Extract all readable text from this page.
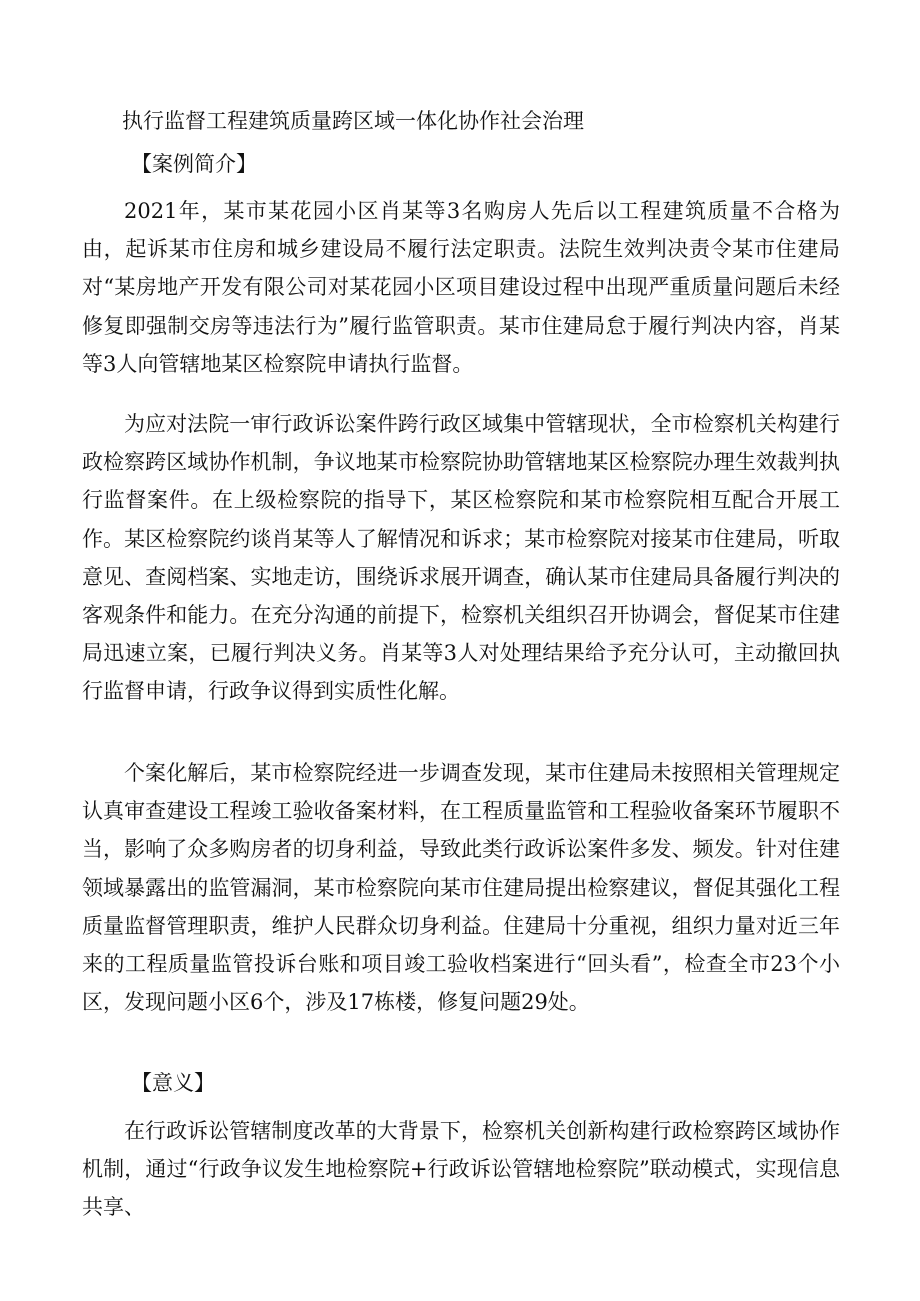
执行监督工程建筑质量跨区域一体化协作社会治理
【案例简介】

2021年，某市某花园小区肖某等3名购房人先后以工程建筑质量不合格为由，起诉某市住房和城乡建设局不履行法定职责。法院生效判决责令某市住建局对“某房地产开发有限公司对某花园小区项目建设过程中出现严重质量问题后未经修复即强制交房等违法行为”履行监管职责。某市住建局怠于履行判决内容，肖某等3人向管辖地某区检察院申请执行监督。

为应对法院一审行政诉讼案件跨行政区域集中管辖现状，全市检察机关构建行政检察跨区域协作机制，争议地某市检察院协助管辖地某区检察院办理生效裁判执行监督案件。在上级检察院的指导下，某区检察院和某市检察院相互配合开展工作。某区检察院约谈肖某等人了解情况和诉求；某市检察院对接某市住建局，听取意见、查阅档案、实地走访，围绕诉求展开调查，确认某市住建局具备履行判决的客观条件和能力。在充分沟通的前提下，检察机关组织召开协调会，督促某市住建局迅速立案，已履行判决义务。肖某等3人对处理结果给予充分认可，主动撤回执行监督申请，行政争议得到实质性化解。

个案化解后，某市检察院经进一步调查发现，某市住建局未按照相关管理规定认真审查建设工程竣工验收备案材料，在工程质量监管和工程验收备案环节履职不当，影响了众多购房者的切身利益，导致此类行政诉讼案件多发、频发。针对住建领域暴露出的监管漏洞，某市检察院向某市住建局提出检察建议，督促其强化工程质量监督管理职责，维护人民群众切身利益。住建局十分重视，组织力量对近三年来的工程质量监管投诉台账和项目竣工验收档案进行“回头看”，检查全市23个小区，发现问题小区6个，涉及17栋楼，修复问题29处。

【意义】

在行政诉讼管辖制度改革的大背景下，检察机关创新构建行政检察跨区域协作机制，通过“行政争议发生地检察院+行政诉讼管辖地检察院”联动模式，实现信息共享、
